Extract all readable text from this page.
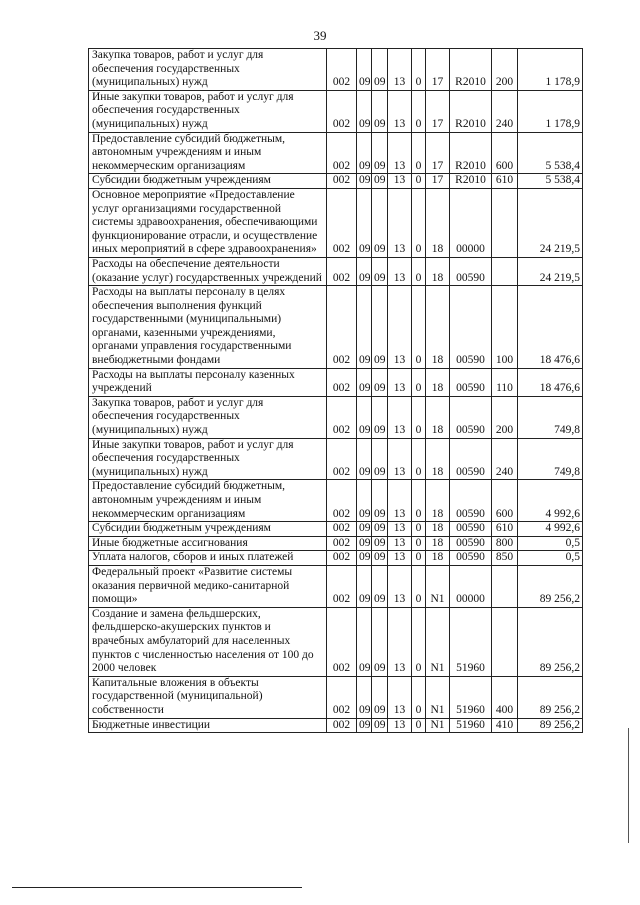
39
Закупка товаров, работ и услуг для обеспечения государственных (муниципальных) нужд	002	09	09	13	0	17	R2010	200	1 178,9
Иные закупки товаров, работ и услуг для обеспечения государственных (муниципальных) нужд	002	09	09	13	0	17	R2010	240	1 178,9
Предоставление субсидий бюджетным, автономным учреждениям и иным некоммерческим организациям	002	09	09	13	0	17	R2010	600	5 538,4
Субсидии бюджетным учреждениям	002	09	09	13	0	17	R2010	610	5 538,4
Основное мероприятие «Предоставление услуг организациями государственной системы здравоохранения, обеспечивающими функционирование отрасли, и осуществление иных мероприятий в сфере здравоохранения»	002	09	09	13	0	18	00000		24 219,5
Расходы на обеспечение деятельности (оказание услуг) государственных учреждений	002	09	09	13	0	18	00590		24 219,5
Расходы на выплаты персоналу в целях обеспечения выполнения функций государственными (муниципальными) органами, казенными учреждениями, органами управления государственными внебюджетными фондами	002	09	09	13	0	18	00590	100	18 476,6
Расходы на выплаты персоналу казенных учреждений	002	09	09	13	0	18	00590	110	18 476,6
Закупка товаров, работ и услуг для обеспечения государственных (муниципальных) нужд	002	09	09	13	0	18	00590	200	749,8
Иные закупки товаров, работ и услуг для обеспечения государственных (муниципальных) нужд	002	09	09	13	0	18	00590	240	749,8
Предоставление субсидий бюджетным, автономным учреждениям и иным некоммерческим организациям	002	09	09	13	0	18	00590	600	4 992,6
Субсидии бюджетным учреждениям	002	09	09	13	0	18	00590	610	4 992,6
Иные бюджетные ассигнования	002	09	09	13	0	18	00590	800	0,5
Уплата налогов, сборов и иных платежей	002	09	09	13	0	18	00590	850	0,5
Федеральный проект «Развитие системы оказания первичной медико-санитарной помощи»	002	09	09	13	0	N1	00000		89 256,2
Создание и замена фельдшерских, фельдшерско-акушерских пунктов и врачебных амбулаторий для населенных пунктов с численностью населения от 100 до 2000 человек	002	09	09	13	0	N1	51960		89 256,2
Капитальные вложения в объекты государственной (муниципальной) собственности	002	09	09	13	0	N1	51960	400	89 256,2
Бюджетные инвестиции	002	09	09	13	0	N1	51960	410	89 256,2
